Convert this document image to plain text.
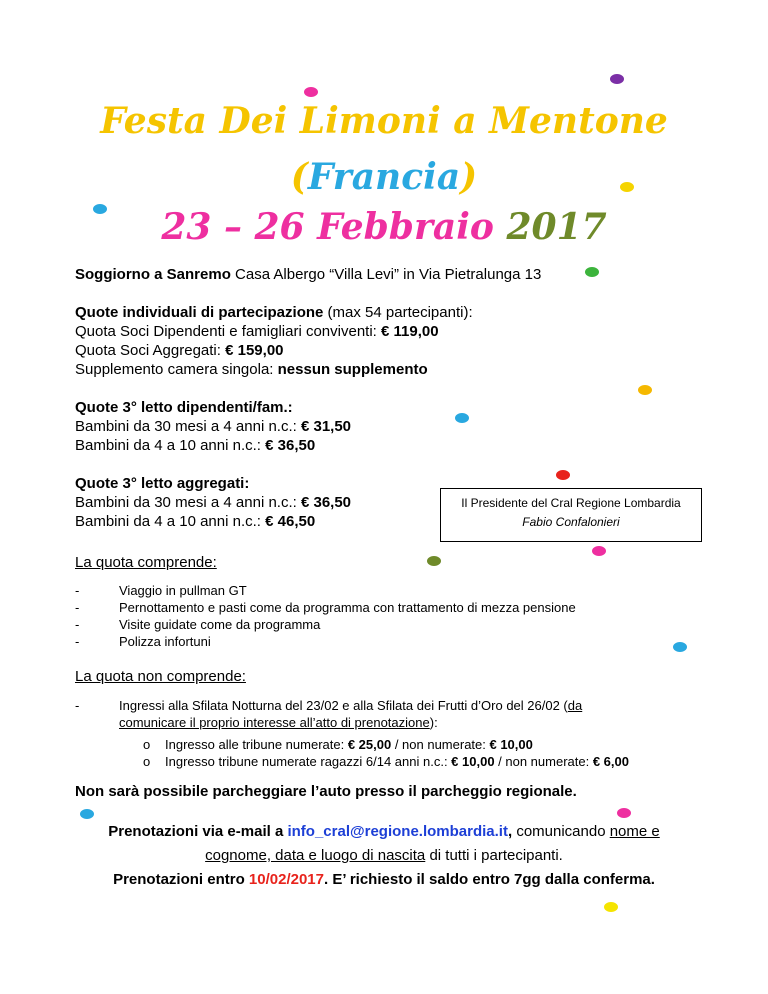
Festa Dei Limoni a Mentone
(Francia)
23 – 26 Febbraio 2017
Soggiorno a Sanremo Casa Albergo “Villa Levi” in Via Pietralunga 13
Quote individuali di partecipazione (max 54 partecipanti):
Quota Soci Dipendenti e famigliari conviventi: € 119,00
Quota Soci Aggregati: € 159,00
Supplemento camera singola: nessun supplemento
Quote 3° letto dipendenti/fam.:
Bambini da 30 mesi a 4 anni n.c.: € 31,50
Bambini da 4 a 10 anni n.c.: € 36,50
Quote 3° letto aggregati:
Bambini da 30 mesi a 4 anni n.c.: € 36,50
Bambini da 4 a 10 anni n.c.: € 46,50
Il Presidente del Cral Regione Lombardia
Fabio Confalonieri
La quota comprende:
-	Viaggio in pullman GT
-	Pernottamento e pasti come da programma con trattamento di mezza pensione
-	Visite guidate come da programma
-	Polizza infortuni
La quota non comprende:
-	Ingressi alla Sfilata Notturna del 23/02 e alla Sfilata dei Frutti d’Oro del 26/02 (da
comunicare il proprio interesse all’atto di prenotazione):
o Ingresso alle tribune numerate: € 25,00 / non numerate: € 10,00
o Ingresso tribune numerate ragazzi 6/14 anni n.c.: € 10,00 / non numerate: € 6,00
Non sarà possibile parcheggiare l’auto presso il parcheggio regionale.
Prenotazioni via e-mail a info_cral@regione.lombardia.it, comunicando nome e
cognome, data e luogo di nascita di tutti i partecipanti.
Prenotazioni entro 10/02/2017. E’ richiesto il saldo entro 7gg dalla conferma.
